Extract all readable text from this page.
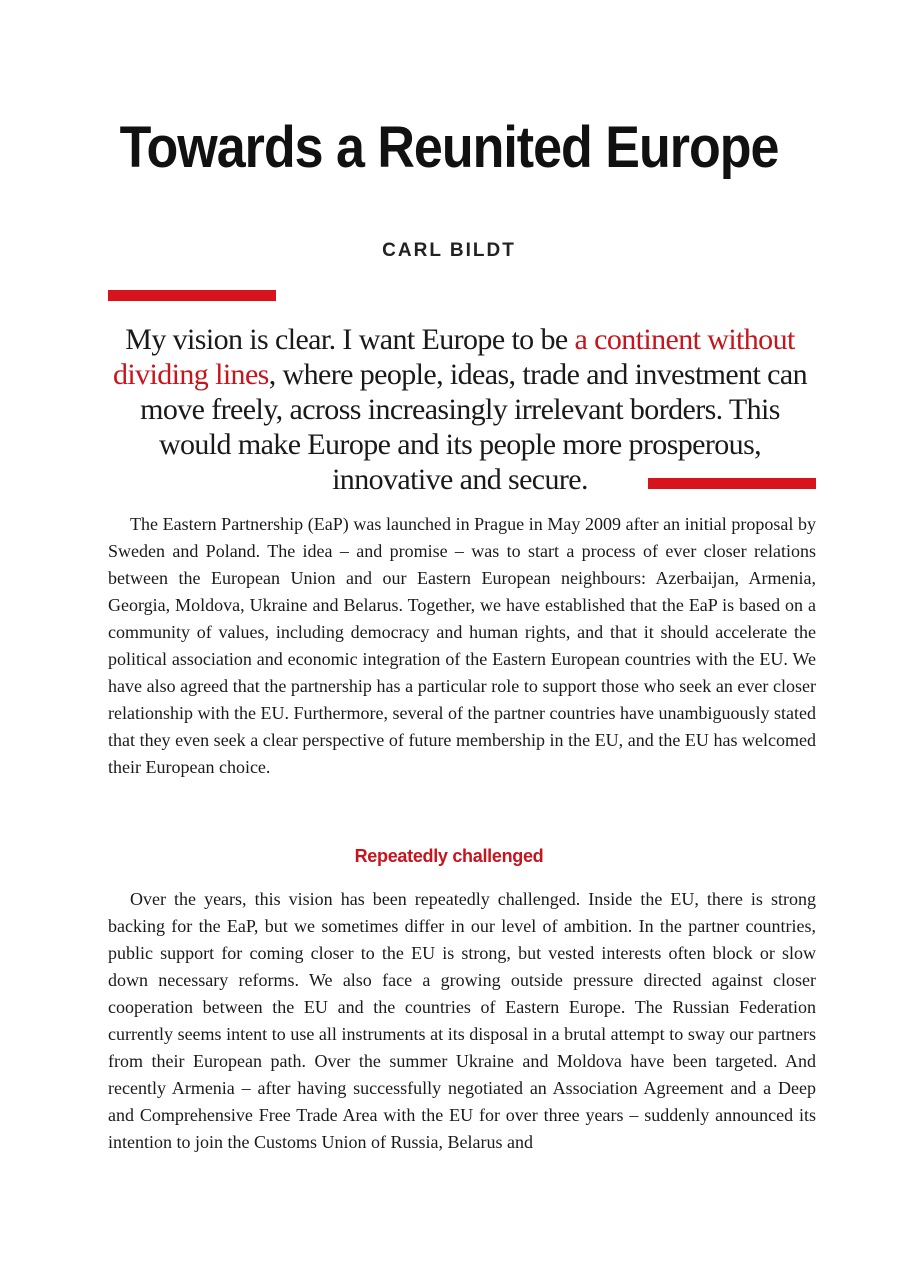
Towards a Reunited Europe
CARL BILDT

My vision is clear. I want Europe to be a continent without dividing lines, where people, ideas, trade and investment can move freely, across increasingly irrelevant borders. This would make Europe and its people more prosperous, innovative and secure.

The Eastern Partnership (EaP) was launched in Prague in May 2009 after an initial proposal by Sweden and Poland. The idea – and promise – was to start a process of ever closer relations between the European Union and our Eastern European neighbours: Azerbaijan, Armenia, Georgia, Moldova, Ukraine and Belarus. Together, we have established that the EaP is based on a community of values, including democracy and human rights, and that it should accelerate the political association and economic integration of the Eastern European countries with the EU. We have also agreed that the partnership has a particular role to support those who seek an ever closer relationship with the EU. Furthermore, several of the partner countries have unambiguously stated that they even seek a clear perspective of future membership in the EU, and the EU has welcomed their European choice.

Repeatedly challenged

Over the years, this vision has been repeatedly challenged. Inside the EU, there is strong backing for the EaP, but we sometimes differ in our level of ambition. In the partner countries, public support for coming closer to the EU is strong, but vested interests often block or slow down necessary reforms. We also face a growing outside pressure directed against closer cooperation between the EU and the countries of Eastern Europe. The Russian Federation currently seems intent to use all instruments at its disposal in a brutal attempt to sway our partners from their European path. Over the summer Ukraine and Moldova have been targeted. And recently Armenia – after having successfully negotiated an Association Agreement and a Deep and Comprehensive Free Trade Area with the EU for over three years – suddenly announced its intention to join the Customs Union of Russia, Belarus and
